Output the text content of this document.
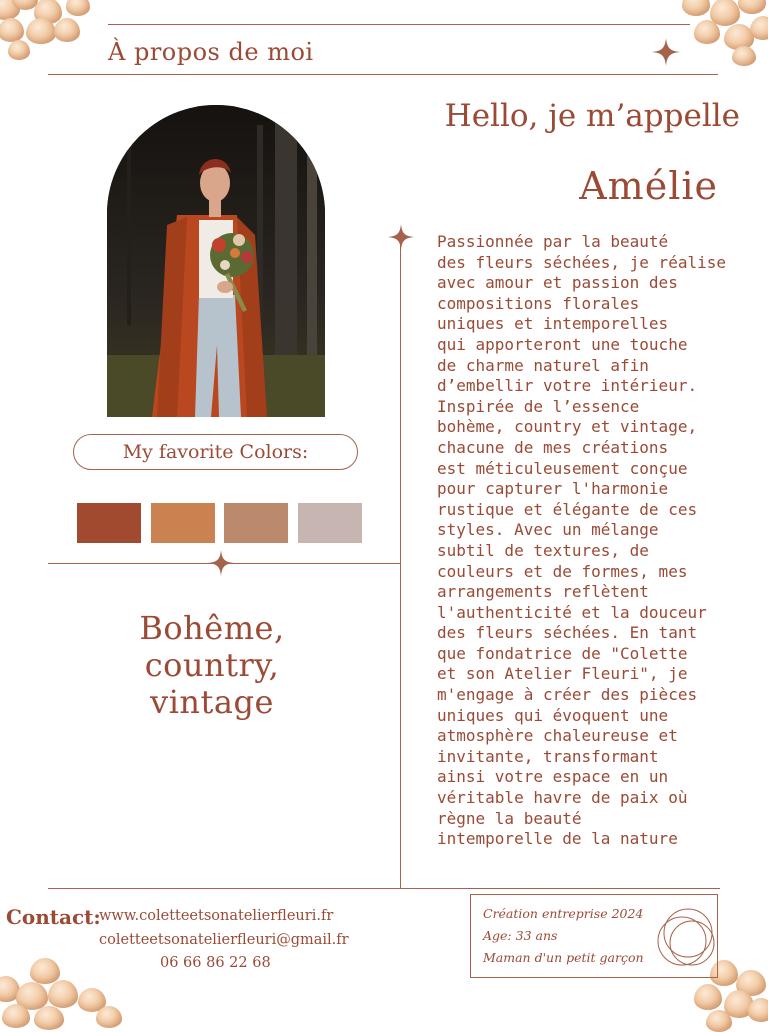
À propos de moi
Hello, je m’appelle
Amélie
My favorite Colors:
Bohême,
country,
vintage
Passionnée par la beauté
des fleurs séchées, je réalise
avec amour et passion des
compositions florales
uniques et intemporelles
qui apporteront une touche
de charme naturel afin
d’embellir votre intérieur.
Inspirée de l’essence
bohème, country et vintage,
chacune de mes créations
est méticuleusement conçue
pour capturer l'harmonie
rustique et élégante de ces
styles. Avec un mélange
subtil de textures, de
couleurs et de formes, mes
arrangements reflètent
l'authenticité et la douceur
des fleurs séchées. En tant
que fondatrice de "Colette
et son Atelier Fleuri", je
m'engage à créer des pièces
uniques qui évoquent une
atmosphère chaleureuse et
invitante, transformant
ainsi votre espace en un
véritable havre de paix où
règne la beauté
intemporelle de la nature
Contact:
www.coletteetsonatelierfleuri.fr
coletteetsonatelierfleuri@gmail.fr
06 66 86 22 68
Création entreprise 2024
Age: 33 ans
Maman d'un petit garçon
